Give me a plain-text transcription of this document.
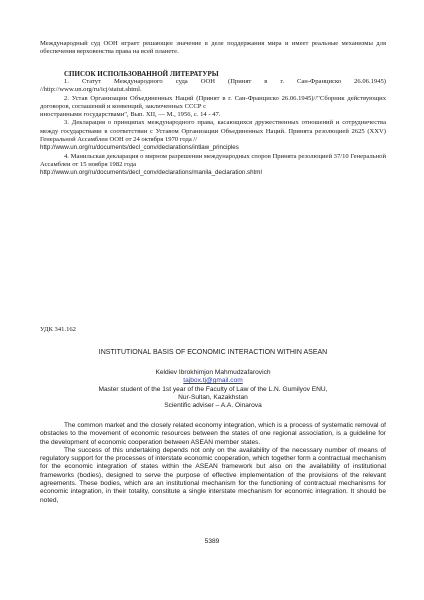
Международный суд ООН играет решающее значение в деле поддержания мира и имеет реальные механизмы для обеспечения верховенства права на всей планете.

СПИСОК ИСПОЛЬЗОВАННОЙ ЛИТЕРАТУРЫ

1. Статут Международного суда ООН (Принят в г. Сан-Франциско 26.06.1945) //http://www.un.org/ru/icj/statut.shtml.

2. Устав Организации Объединенных Наций (Принят в г. Сан-Франциско 26.06.1945)//"Сборник действующих договоров, соглашений и конвенций, заключенных СССР с

иностранными государствами", Вып. XII, — М., 1956, с. 14 - 47.

3. Декларация о принципах международного права, касающихся дружественных отношений и сотрудничества между государствами в соответствии с Уставом Организации Объединенных Наций. Принята резолюцией 2625 (XXV) Генеральной Ассамблеи ООН от 24 октября 1970 года //

http://www.un.org/ru/documents/decl_conv/declarations/intlaw_principles

4. Манильская декларация о мирном разрешении международных споров Принята резолюцией 37/10 Генеральной Ассамблеи от 15 ноября 1982 года

http://www.un.org/ru/documents/decl_conv/declarations/manila_declaration.shtml

УДК 341.162

INSTITUTIONAL BASIS OF ECONOMIC INTERACTION WITHIN ASEAN

Keldiev Ibrokhimjon Mahmudzafarovich

tajbox.tj@gmail.com

Master student of the 1st year of the Faculty of Law of the L.N. Gumilyov ENU,

Nur-Sultan, Kazakhstan

Scientific adviser – A.A. Oinarova

The common market and the closely related economy integration, which is a process of systematic removal of obstacles to the movement of economic resources between the states of one regional association, is a guideline for the development of economic cooperation between ASEAN member states.

The success of this undertaking depends not only on the availability of the necessary number of means of regulatory support for the processes of interstate economic cooperation, which together form a contractual mechanism for the economic integration of states within the ASEAN framework but also on the availability of institutional frameworks (bodies), designed to serve the purpose of effective implementation of the provisions of the relevant agreements. These bodies, which are an institutional mechanism for the functioning of contractual mechanisms for economic integration, in their totality, constitute a single interstate mechanism for economic integration. It should be noted,

5389
